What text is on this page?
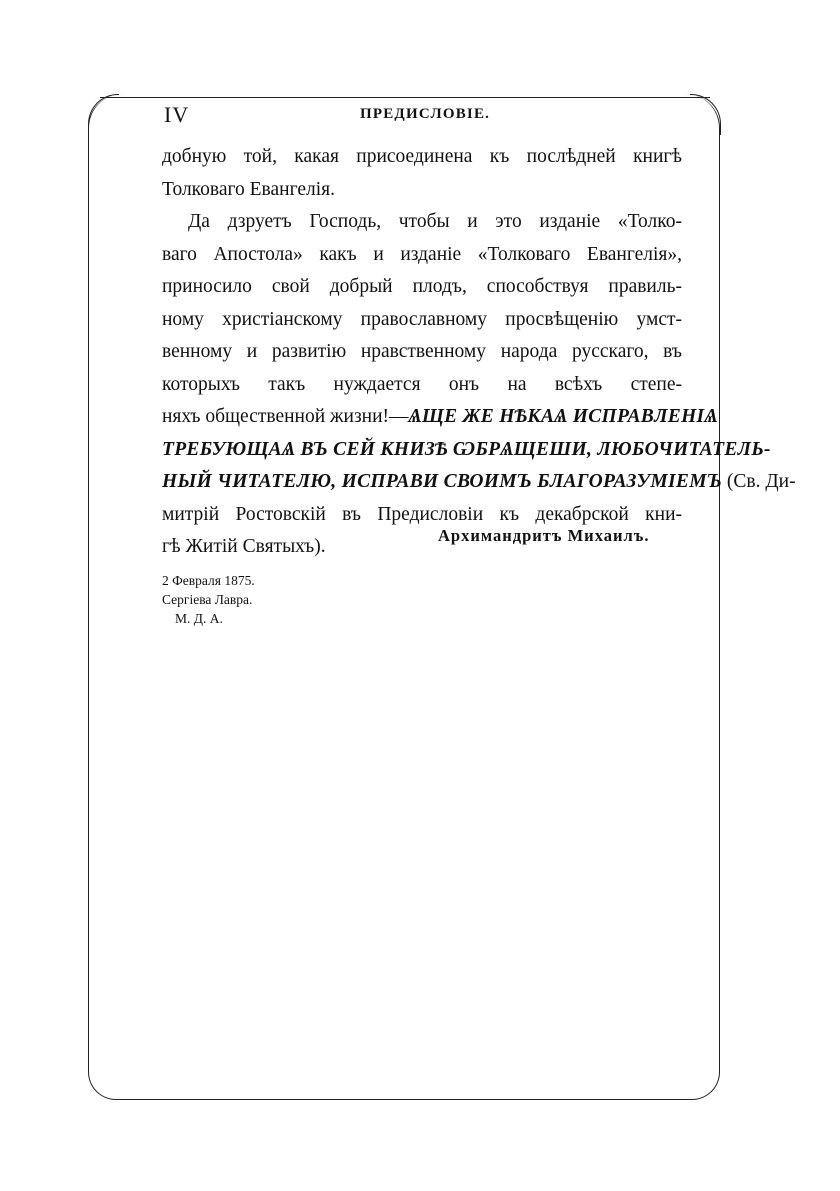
IV	ПРЕДИСЛОВІЕ.
добную той, какая присоединена къ послѣдней книгѣ
Толковаго Евангелія.
Да дзруетъ Господь, чтобы и это изданіе «Толко-
ваго Апостола» какъ и изданіе «Толковаго Евангелія»,
приносило свой добрый плодъ, способствуя правиль-
ному христіанскому православному просвѣщенію умст-
венному и развитію нравственному народа русскаго, въ
которыхъ такъ нуждается онъ на всѣхъ степе-
няхъ общественной жизни!—ѦЩЕ ЖЕ НѢКАѦ ИСПРАВЛЕНІѦ
ТРЕБУЮЩАѦ ВЪ СЕЙ КНИЗѢ ѠБРѦЩЕШИ, ЛЮБОЧИТАТЕЛЬ-
НЫЙ ЧИТАТЕЛЮ, ИСПРАВИ СВОИМЪ БЛАГОРАЗУМІЕМЪ (Св. Ди-
митрій Ростовскій въ Предисловіи къ декабрской кни-
гѣ Житій Святыхъ).
Архимандритъ Михаилъ.
2 Февраля 1875.
Сергіева Лавра.
М. Д. А.
